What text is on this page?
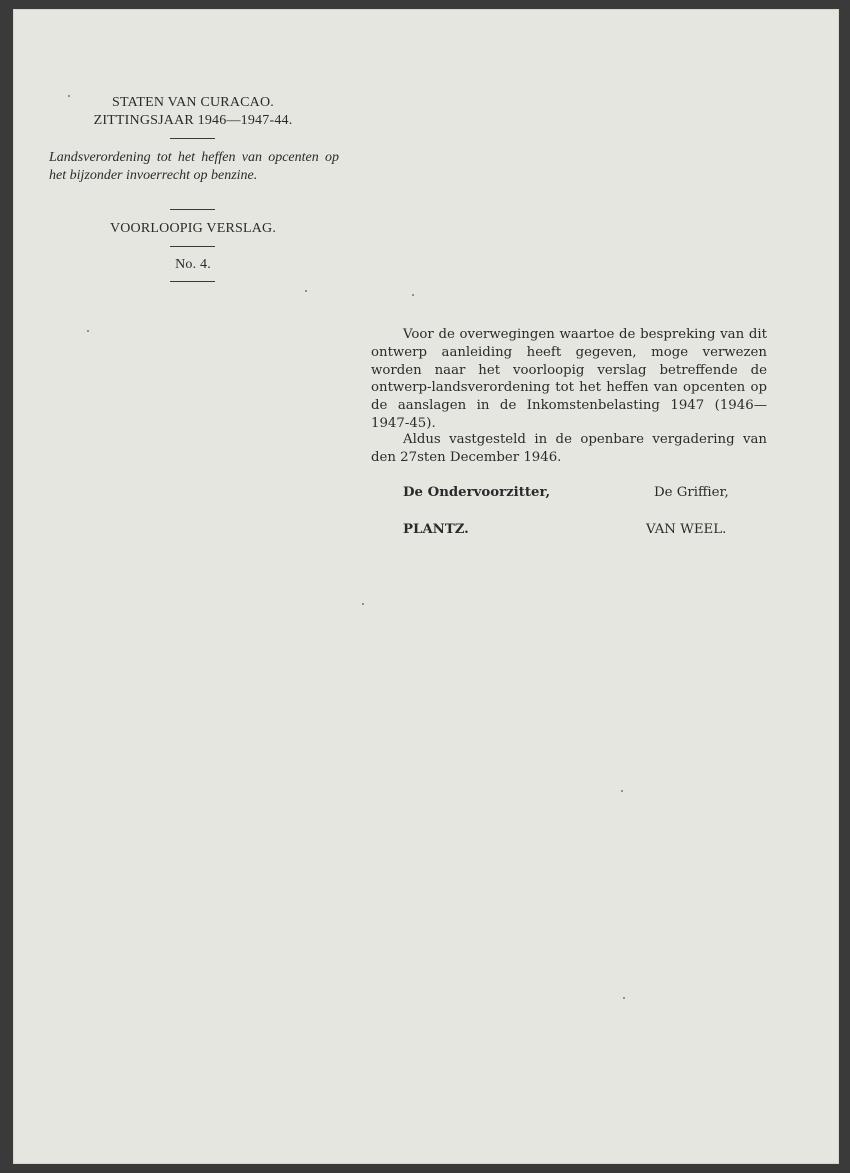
STATEN VAN CURACAO.
ZITTINGSJAAR 1946—1947-44.
Landsverordening tot het heffen van opcenten op het bijzonder invoerrecht op benzine.
VOORLOOPIG VERSLAG.
No. 4.

Voor de overwegingen waartoe de bespreking van dit ontwerp aanleiding heeft gegeven, moge verwezen worden naar het voorloopig verslag betreffende de ontwerp-landsverordening tot het heffen van opcenten op de aanslagen in de Inkomstenbelasting 1947 (1946—1947-45).

Aldus vastgesteld in de openbare vergadering van den 27sten December 1946.

De Ondervoorzitter,	De Griffier,
PLANTZ.	VAN WEEL.
